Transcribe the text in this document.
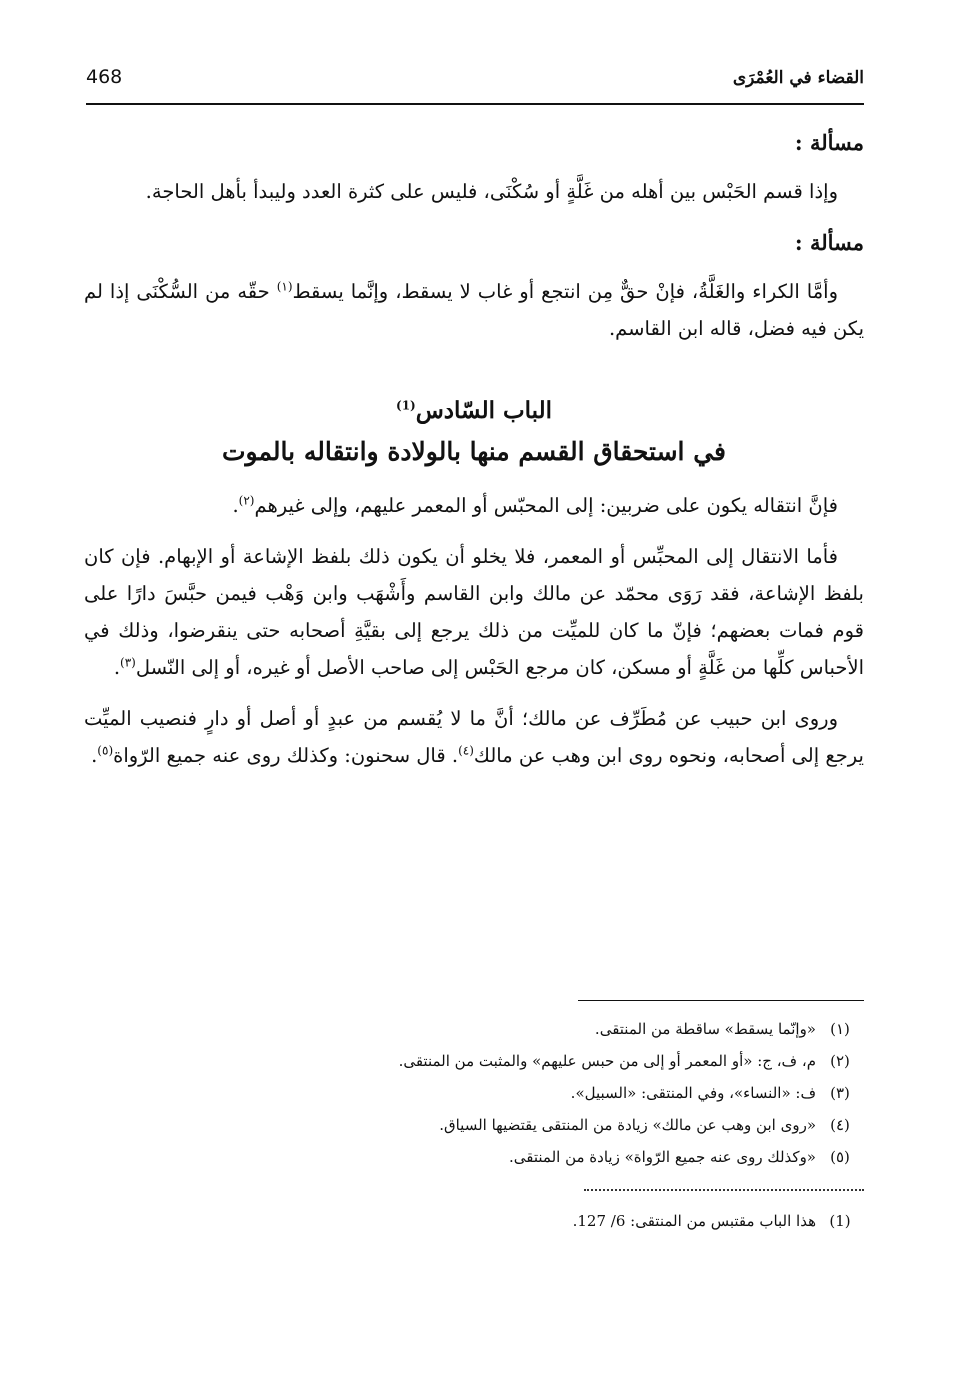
468	القضاء في العُمْرَى
مسألة :

وإذا قسم الحَبْس بين أهله من غَلَّةٍ أو سُكْنَى، فليس على كثرة العدد وليبدأ بأهل الحاجة.

مسألة :

وأمَّا الكراء والغَلَّةُ، فإنْ حقٌّ مِن انتجع أو غاب لا يسقط، وإنَّما يسقط$^{(١)}$ حقّه من السُّكْنَى إذا لم يكن فيه فضل، قاله ابن القاسم.

الباب السّادس$^{(1)}$
في استحقاق القسم منها بالولادة وانتقاله بالموت

فإنَّ انتقاله يكون على ضربين: إلى المحبّس أو المعمر عليهم، وإلى غيرهم$^{(٢)}$.

فأما الانتقال إلى المحبِّس أو المعمر، فلا يخلو أن يكون ذلك بلفظ الإشاعة أو الإبهام. فإن كان بلفظ الإشاعة، فقد رَوَى محمّد عن مالك وابن القاسم وأَشْهَب وابن وَهْب فيمن حبَّسَ دارًا على قوم فمات بعضهم؛ فإنّ ما كان للميِّت من ذلك يرجع إلى بقيَّةِ أصحابه حتى ينقرضوا، وذلك في الأحباس كلِّها من غَلَّةٍ أو مسكن، كان مرجع الحَبْس إلى صاحب الأصل أو غيره، أو إلى النّسل$^{(٣)}$.

وروى ابن حبيب عن مُطَرِّف عن مالك؛ أنَّ ما لا يُقسم من عبدٍ أو أصل أو دارٍ فنصيب الميِّت يرجع إلى أصحابه، ونحوه روى ابن وهب عن مالك$^{(٤)}$. قال سحنون: وكذلك روى عنه جميع الرّواة$^{(٥)}$.

(١)
«وإنّما يسقط» ساقطة من المنتقى.
(٢)
م، ف، ج: «أو المعمر أو إلى من حبس عليهم» والمثبت من المنتقى.
(٣)
ف: «النساء»، وفي المنتقى: «السبيل».
(٤)
«روى ابن وهب عن مالك» زيادة من المنتقى يقتضيها السياق.
(٥)
«وكذلك روى عنه جميع الرّواة» زيادة من المنتقى.
(1)
هذا الباب مقتبس من المنتقى: 6/ 127.
